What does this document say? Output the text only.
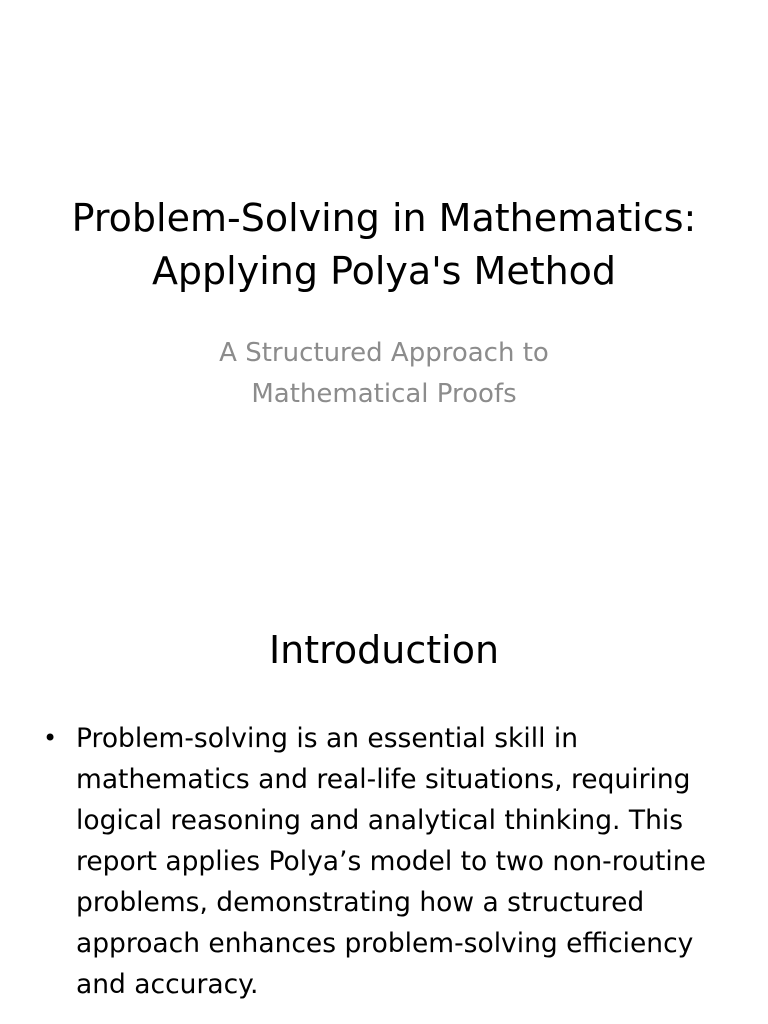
Problem-Solving in Mathematics:
Applying Polya's Method

A Structured Approach to
Mathematical Proofs

Introduction
• Problem-solving is an essential skill in mathematics and real-life situations, requiring logical reasoning and analytical thinking. This report applies Polya’s model to two non-routine problems, demonstrating how a structured approach enhances problem-solving efficiency and accuracy.
